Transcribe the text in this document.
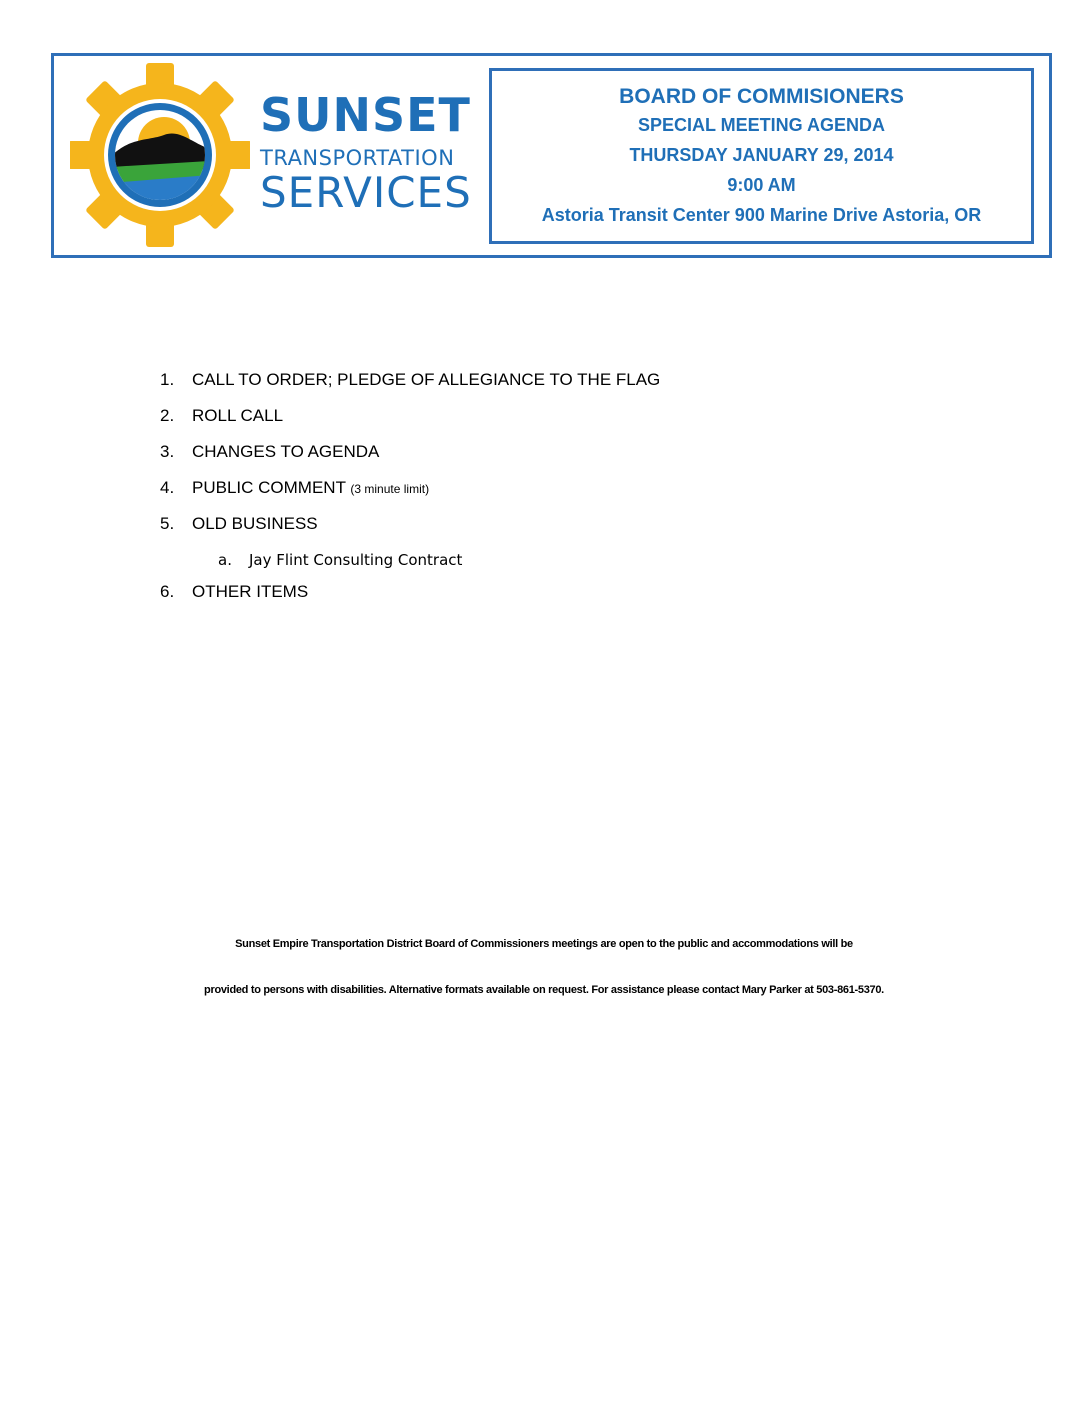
SUNSET
TRANSPORTATION
SERVICES
BOARD OF COMMISIONERS
SPECIAL MEETING AGENDA
THURSDAY JANUARY 29, 2014
9:00 AM
Astoria Transit Center 900 Marine Drive Astoria, OR
1.	CALL TO ORDER; PLEDGE OF ALLEGIANCE TO THE FLAG
2.	ROLL CALL
3.	CHANGES TO AGENDA
4.	PUBLIC COMMENT (3 minute limit)
5.	OLD BUSINESS
a. Jay Flint Consulting Contract
6.	OTHER ITEMS
Sunset Empire Transportation District Board of Commissioners meetings are open to the public and accommodations will be
provided to persons with disabilities. Alternative formats available on request. For assistance please contact Mary Parker at 503-861-5370.
